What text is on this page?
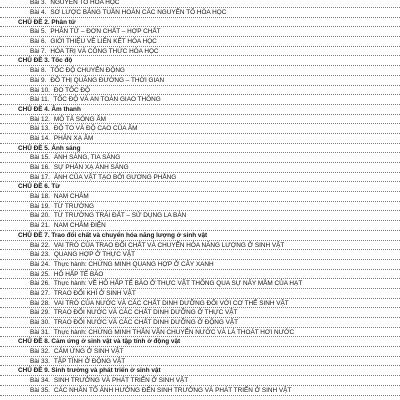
Bài 3. NGUYÊN TỐ HÓA HỌC
Bài 4. SƠ LƯỢC BẢNG TUẦN HOÀN CÁC NGUYÊN TỐ HÓA HỌC
CHỦ ĐỀ 2. Phân tử
Bài 5. PHÂN TỬ – ĐƠN CHẤT – HỢP CHẤT
Bài 6. GIỚI THIỆU VỀ LIÊN KẾT HÓA HỌC
Bài 7. HÓA TRỊ VÀ CÔNG THỨC HÓA HỌC
CHỦ ĐỀ 3. Tốc độ
Bài 8. TỐC ĐỘ CHUYỂN ĐỘNG
Bài 9. ĐỒ THỊ QUÃNG ĐƯỜNG – THỜI GIAN
Bài 10. ĐO TỐC ĐỘ
Bài 11. TỐC ĐỘ VÀ AN TOÀN GIAO THÔNG
CHỦ ĐỀ 4. Âm thanh
Bài 12. MÔ TẢ SÓNG ÂM
Bài 13. ĐỘ TO VÀ ĐỘ CAO CỦA ÂM
Bài 14. PHẢN XẠ ÂM
CHỦ ĐỀ 5. Ánh sáng
Bài 15. ÁNH SÁNG, TIA SÁNG
Bài 16. SỰ PHẢN XẠ ÁNH SÁNG
Bài 17. ẢNH CỦA VẬT TẠO BỞI GƯƠNG PHẲNG
CHỦ ĐỀ 6. Từ
Bài 18. NAM CHÂM
Bài 19. TỪ TRƯỜNG
Bài 20. TỪ TRƯỜNG TRÁI ĐẤT – SỬ DỤNG LA BÀN
Bài 21. NAM CHÂM ĐIỆN
CHỦ ĐỀ 7. Trao đổi chất và chuyển hóa năng lượng ở sinh vật
Bài 22. VAI TRÒ CỦA TRAO ĐỔI CHẤT VÀ CHUYỂN HÓA NĂNG LƯỢNG Ở SINH VẬT
Bài 23. QUANG HỢP Ở THỰC VẬT
Bài 24. Thực hành: CHỨNG MINH QUANG HỢP Ở CÂY XANH
Bài 25. HÔ HẤP TẾ BÀO
Bài 26. Thực hành: VỀ HÔ HẤP TẾ BÀO Ở THỰC VẬT THÔNG QUA SỰ NẢY MẦM CỦA HẠT
Bài 27. TRAO ĐỔI KHÍ Ở SINH VẬT
Bài 28. VAI TRÒ CỦA NƯỚC VÀ CÁC CHẤT DINH DƯỠNG ĐỐI VỚI CƠ THỂ SINH VẬT
Bài 29. TRAO ĐỔI NƯỚC VÀ CÁC CHẤT DINH DƯỠNG Ở THỰC VẬT
Bài 30. TRAO ĐỔI NƯỚC VÀ CÁC CHẤT DINH DƯỠNG Ở ĐỘNG VẬT
Bài 31. Thực hành: CHỨNG MINH THÂN VẬN CHUYỂN NƯỚC VÀ LÁ THOÁT HƠI NƯỚC
CHỦ ĐỀ 8. Cảm ứng ở sinh vật và tập tính ở động vật
Bài 32. CẢM ỨNG Ở SINH VẬT
Bài 33. TẬP TÍNH Ở ĐỘNG VẬT
CHỦ ĐỀ 9. Sinh trưởng và phát triển ở sinh vật
Bài 34. SINH TRƯỞNG VÀ PHÁT TRIỂN Ở SINH VẬT
Bài 35. CÁC NHÂN TỐ ẢNH HƯỞNG ĐẾN SINH TRƯỞNG VÀ PHÁT TRIỂN Ở SINH VẬT
